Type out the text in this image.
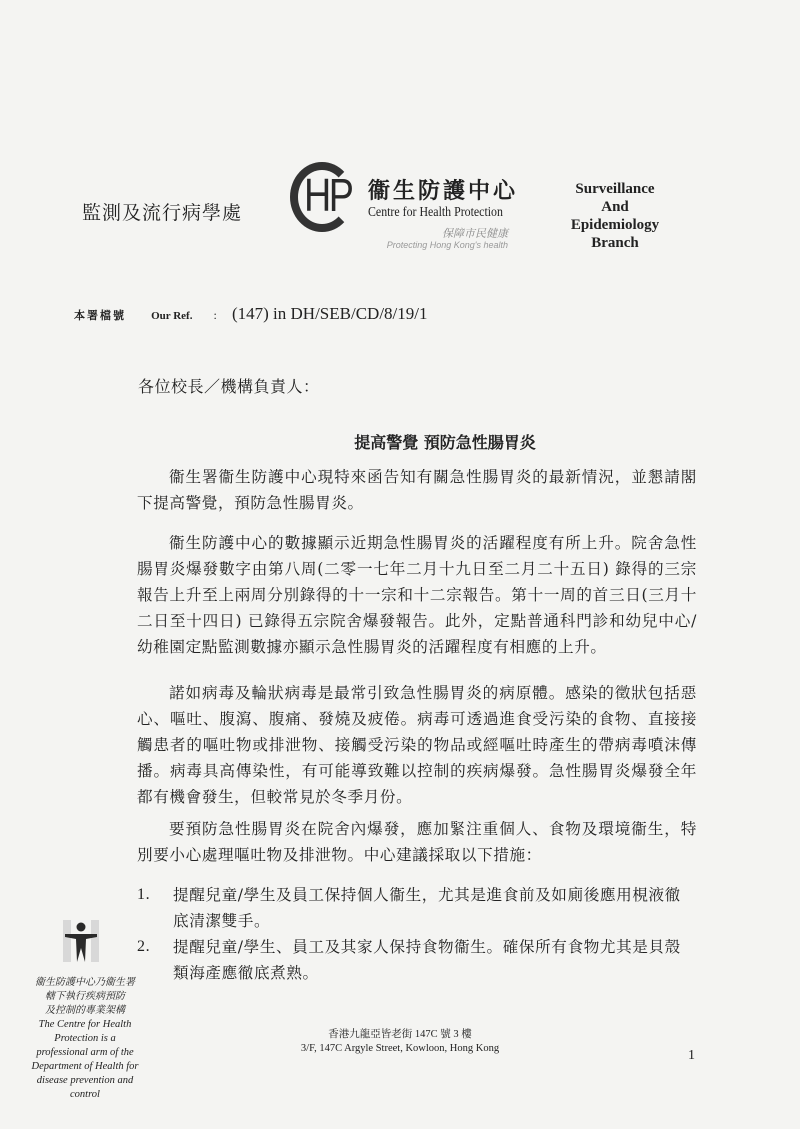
監測及流行病學處 HP 衞生防護中心
Centre for Health Protection
保障市民健康
Protecting Hong Kong's health
Surveillance
And
Epidemiology
Branch
本署檔號 Our Ref. : (147) in DH/SEB/CD/8/19/1
各位校長／機構負責人：
提高警覺 預防急性腸胃炎
衞生署衞生防護中心現特來函告知有關急性腸胃炎的最新情況，並懇請閣下提高警覺，預防急性腸胃炎。
衞生防護中心的數據顯示近期急性腸胃炎的活躍程度有所上升。院舍急性腸胃炎爆發數字由第八周(二零一七年二月十九日至二月二十五日) 錄得的三宗報告上升至上兩周分別錄得的十一宗和十二宗報告。第十一周的首三日(三月十二日至十四日) 已錄得五宗院舍爆發報告。此外，定點普通科門診和幼兒中心/幼稚園定點監測數據亦顯示急性腸胃炎的活躍程度有相應的上升。
諾如病毒及輪狀病毒是最常引致急性腸胃炎的病原體。感染的徵狀包括惡心、嘔吐、腹瀉、腹痛、發燒及疲倦。病毒可透過進食受污染的食物、直接接觸患者的嘔吐物或排泄物、接觸受污染的物品或經嘔吐時產生的帶病毒噴沫傳播。病毒具高傳染性，有可能導致難以控制的疾病爆發。急性腸胃炎爆發全年都有機會發生，但較常見於冬季月份。
要預防急性腸胃炎在院舍內爆發，應加緊注重個人、食物及環境衞生，特別要小心處理嘔吐物及排泄物。中心建議採取以下措施：
1.	提醒兒童/學生及員工保持個人衞生，尤其是進食前及如廁後應用梘液徹底清潔雙手。
2.	提醒兒童/學生、員工及其家人保持食物衞生。確保所有食物尤其是貝殼類海產應徹底煮熟。
衞生防護中心乃衞生署
轄下執行疾病預防
及控制的專業架構
The Centre for Health
Protection is a
professional arm of the
Department of Health for
disease prevention and
control
香港九龍亞皆老街 147C 號 3 樓
3/F, 147C Argyle Street, Kowloon, Hong Kong	1
